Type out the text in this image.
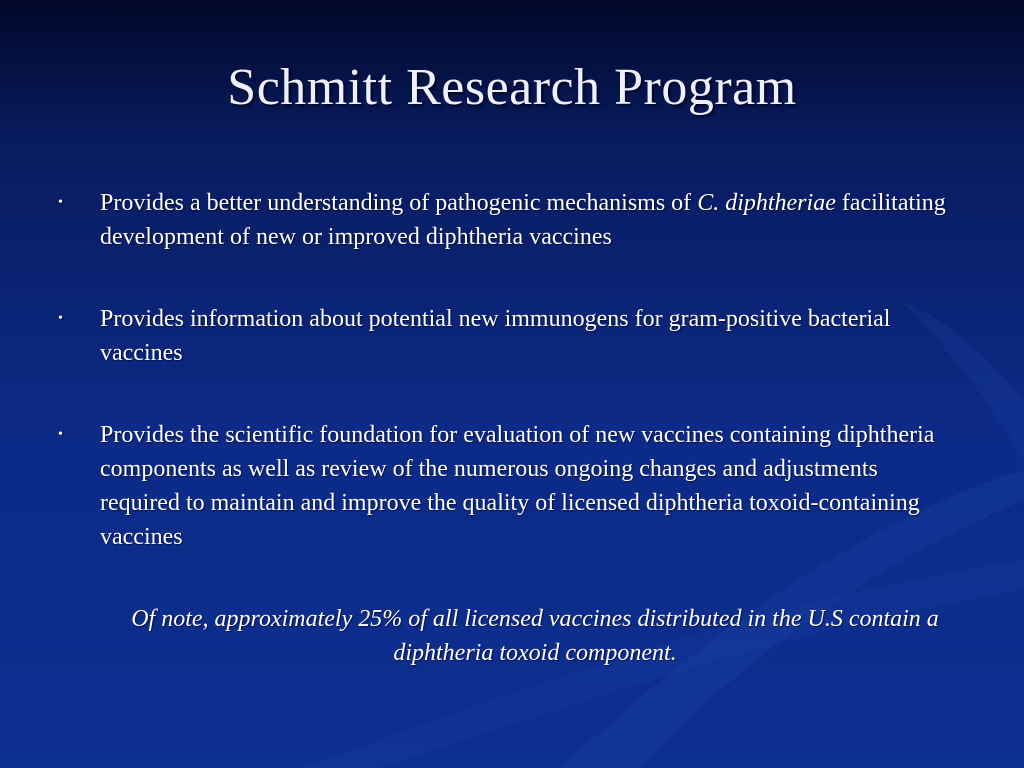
Schmitt Research Program
• Provides a better understanding of pathogenic mechanisms of C. diphtheriae facilitating development of new or improved diphtheria vaccines
• Provides information about potential new immunogens for gram-positive bacterial vaccines
• Provides the scientific foundation for evaluation of new vaccines containing diphtheria components as well as review of the numerous ongoing changes and adjustments required to maintain and improve the quality of licensed diphtheria toxoid-containing vaccines

Of note, approximately 25% of all licensed vaccines distributed in the U.S contain a diphtheria toxoid component.
